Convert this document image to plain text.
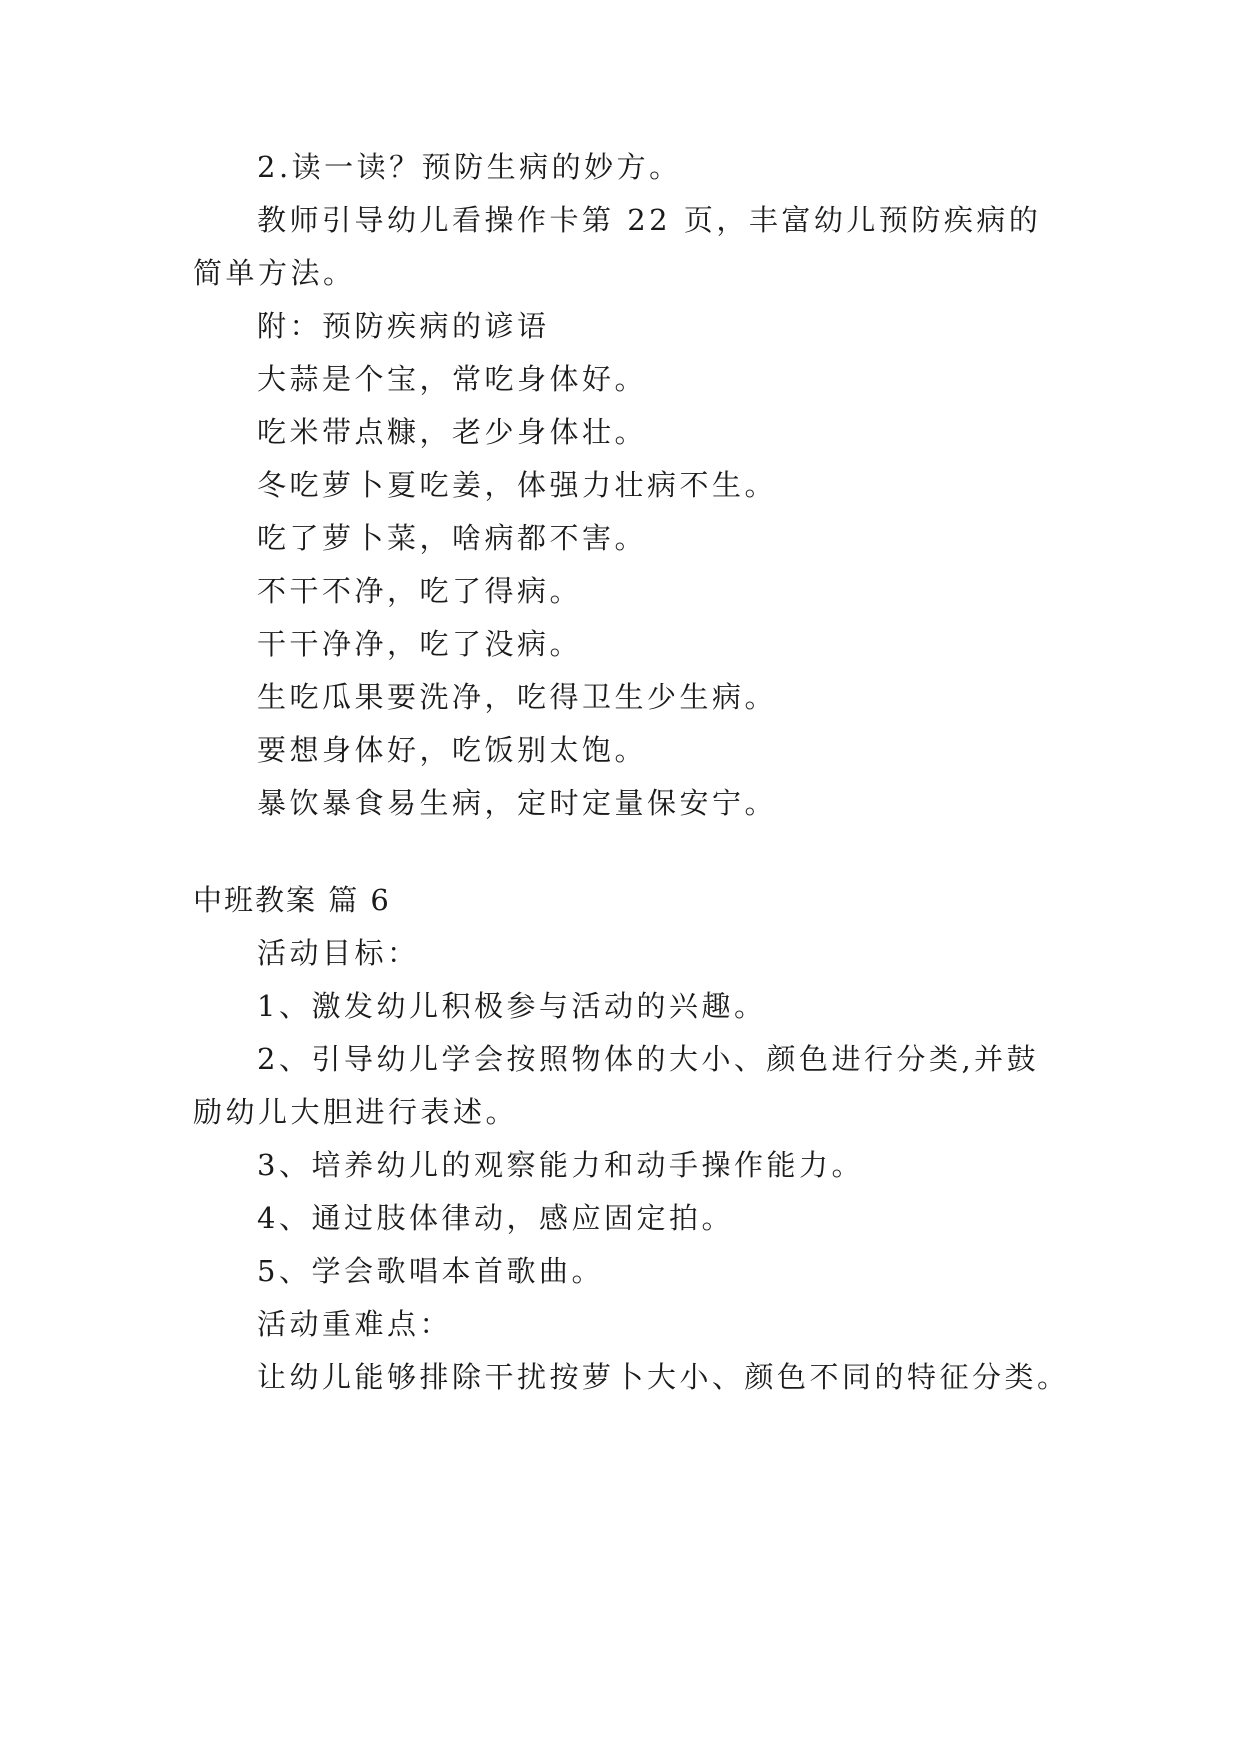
2.读一读？预防生病的妙方。
教师引导幼儿看操作卡第 22 页，丰富幼儿预防疾病的
简单方法。
附：预防疾病的谚语
大蒜是个宝，常吃身体好。
吃米带点糠，老少身体壮。
冬吃萝卜夏吃姜，体强力壮病不生。
吃了萝卜菜，啥病都不害。
不干不净，吃了得病。
干干净净，吃了没病。
生吃瓜果要洗净，吃得卫生少生病。
要想身体好，吃饭别太饱。
暴饮暴食易生病，定时定量保安宁。
中班教案 篇 6
活动目标：
1、激发幼儿积极参与活动的兴趣。
2、引导幼儿学会按照物体的大小、颜色进行分类,并鼓
励幼儿大胆进行表述。
3、培养幼儿的观察能力和动手操作能力。
4、通过肢体律动，感应固定拍。
5、学会歌唱本首歌曲。
活动重难点：
让幼儿能够排除干扰按萝卜大小、颜色不同的特征分类。
